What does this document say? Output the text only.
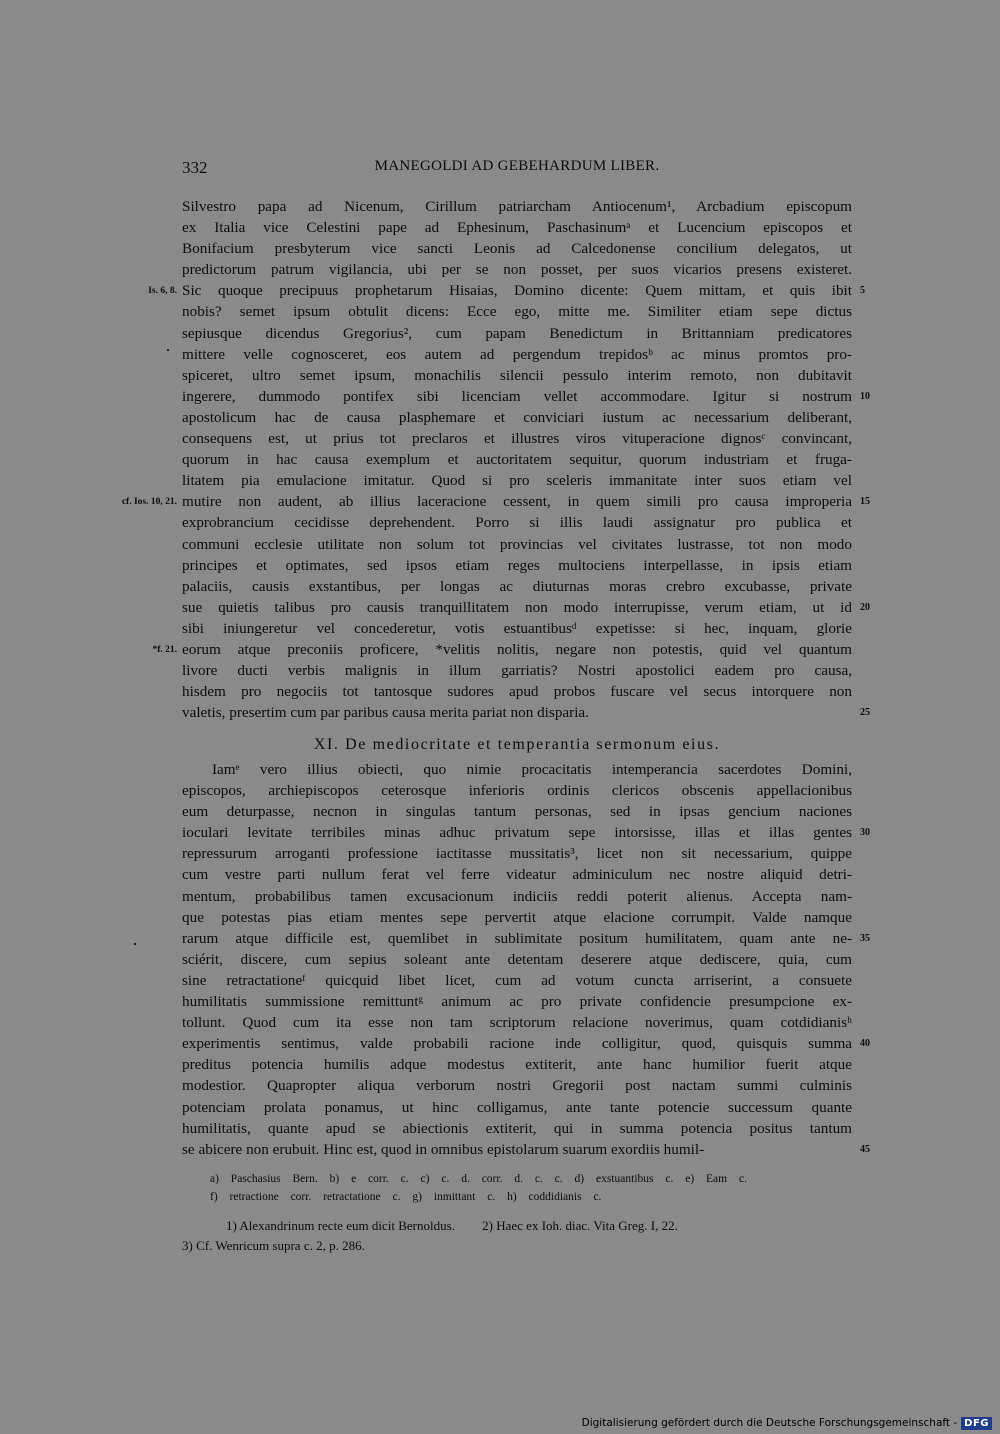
332	MANEGOLDI AD GEBEHARDUM LIBER.
Silvestro papa ad Nicenum, Cirillum patriarcham Antiocenum¹, Arcbadium episcopum
ex Italia vice Celestini pape ad Ephesinum, Paschasinumᵃ et Lucencium episcopos et
Bonifacium presbyterum vice sancti Leonis ad Calcedonense concilium delegatos, ut
predictorum patrum vigilancia, ubi per se non posset, per suos vicarios presens existeret.
Sic quoque precipuus prophetarum Hisaias, Domino dicente: Quem mittam, et quis ibit 5
Is. 6, 8.
nobis? semet ipsum obtulit dicens: Ecce ego, mitte me. Similiter etiam sepe dictus
sepiusque dicendus Gregorius², cum papam Benedictum in Brittanniam predicatores
mittere velle cognosceret, eos autem ad pergendum trepidosᵇ ac minus promtos pro-
spiceret, ultro semet ipsum, monachilis silencii pessulo interim remoto, non dubitavit
ingerere, dummodo pontifex sibi licenciam vellet accommodare. Igitur si nostrum 10
apostolicum hac de causa plasphemare et conviciari iustum ac necessarium deliberant,
consequens est, ut prius tot preclaros et illustres viros vituperacione dignosᶜ convincant,
quorum in hac causa exemplum et auctoritatem sequitur, quorum industriam et fruga-
litatem pia emulacione imitatur. Quod si pro sceleris immanitate inter suos etiam vel
mutire non audent, ab illius laceracione cessent, in quem simili pro causa improperia 15
cf. Ios. 10, 21.
exprobrancium cecidisse deprehendent. Porro si illis laudi assignatur pro publica et
communi ecclesie utilitate non solum tot provincias vel civitates lustrasse, tot non modo
principes et optimates, sed ipsos etiam reges multociens interpellasse, in ipsis etiam
palaciis, causis exstantibus, per longas ac diuturnas moras crebro excubasse, private
sue quietis talibus pro causis tranquillitatem non modo interrupisse, verum etiam, ut id 20
sibi iniungeretur vel concederetur, votis estuantibusᵈ expetisse: si hec, inquam, glorie
eorum atque preconiis proficere, *velitis nolitis, negare non potestis, quid vel quantum
*f. 21.
livore ducti verbis malignis in illum garriatis? Nostri apostolici eadem pro causa,
hisdem pro negociis tot tantosque sudores apud probos fuscare vel secus intorquere non
valetis, presertim cum par paribus causa merita pariat non disparia.	25
XI. De mediocritate et temperantia sermonum eius.
Iamᵉ vero illius obiecti, quo nimie procacitatis intemperancia sacerdotes Domini,
episcopos, archiepiscopos ceterosque inferioris ordinis clericos obscenis appellacionibus
eum deturpasse, necnon in singulas tantum personas, sed in ipsas gencium naciones
ioculari levitate terribiles minas adhuc privatum sepe intorsisse, illas et illas gentes 30
repressurum arroganti professione iactitasse mussitatis³, licet non sit necessarium, quippe
cum vestre parti nullum ferat vel ferre videatur adminiculum nec nostre aliquid detri-
mentum, probabilibus tamen excusacionum indiciis reddi poterit alienus. Accepta nam-
que potestas pias etiam mentes sepe pervertit atque elacione corrumpit. Valde namque
rarum atque difficile est, quemlibet in sublimitate positum humilitatem, quam ante ne- 35
sciérit, discere, cum sepius soleant ante detentam deserere atque dediscere, quia, cum
sine retractationeᶠ quicquid libet licet, cum ad votum cuncta arriserint, a consuete
humilitatis summissione remittuntᵍ animum ac pro private confidencie presumpcione ex-
tollunt. Quod cum ita esse non tam scriptorum relacione noverimus, quam cotdidianisʰ
experimentis sentimus, valde probabili racione inde colligitur, quod, quisquis summa 40
preditus potencia humilis adque modestus extiterit, ante hanc humilior fuerit atque
modestior. Quapropter aliqua verborum nostri Gregorii post nactam summi culminis
potenciam prolata ponamus, ut hinc colligamus, ante tante potencie successum quante
humilitatis, quante apud se abiectionis extiterit, qui in summa potencia positus tantum
se abicere non erubuit. Hinc est, quod in omnibus epistolarum suarum exordiis humil-	45
a) Paschasius Bern. b) e corr. c. c) c. d. corr. d. c. c. d) exstuantibus c. e) Eam c.
f) retractione corr. retractatione c. g) inmittant c. h) coddidianis c.
1) Alexandrinum recte eum dicit Bernoldus. 2) Haec ex Ioh. diac. Vita Greg. I, 22.
3) Cf. Wenricum supra c. 2, p. 286.
Digitalisierung gefördert durch die Deutsche Forschungsgemeinschaft - DFG
